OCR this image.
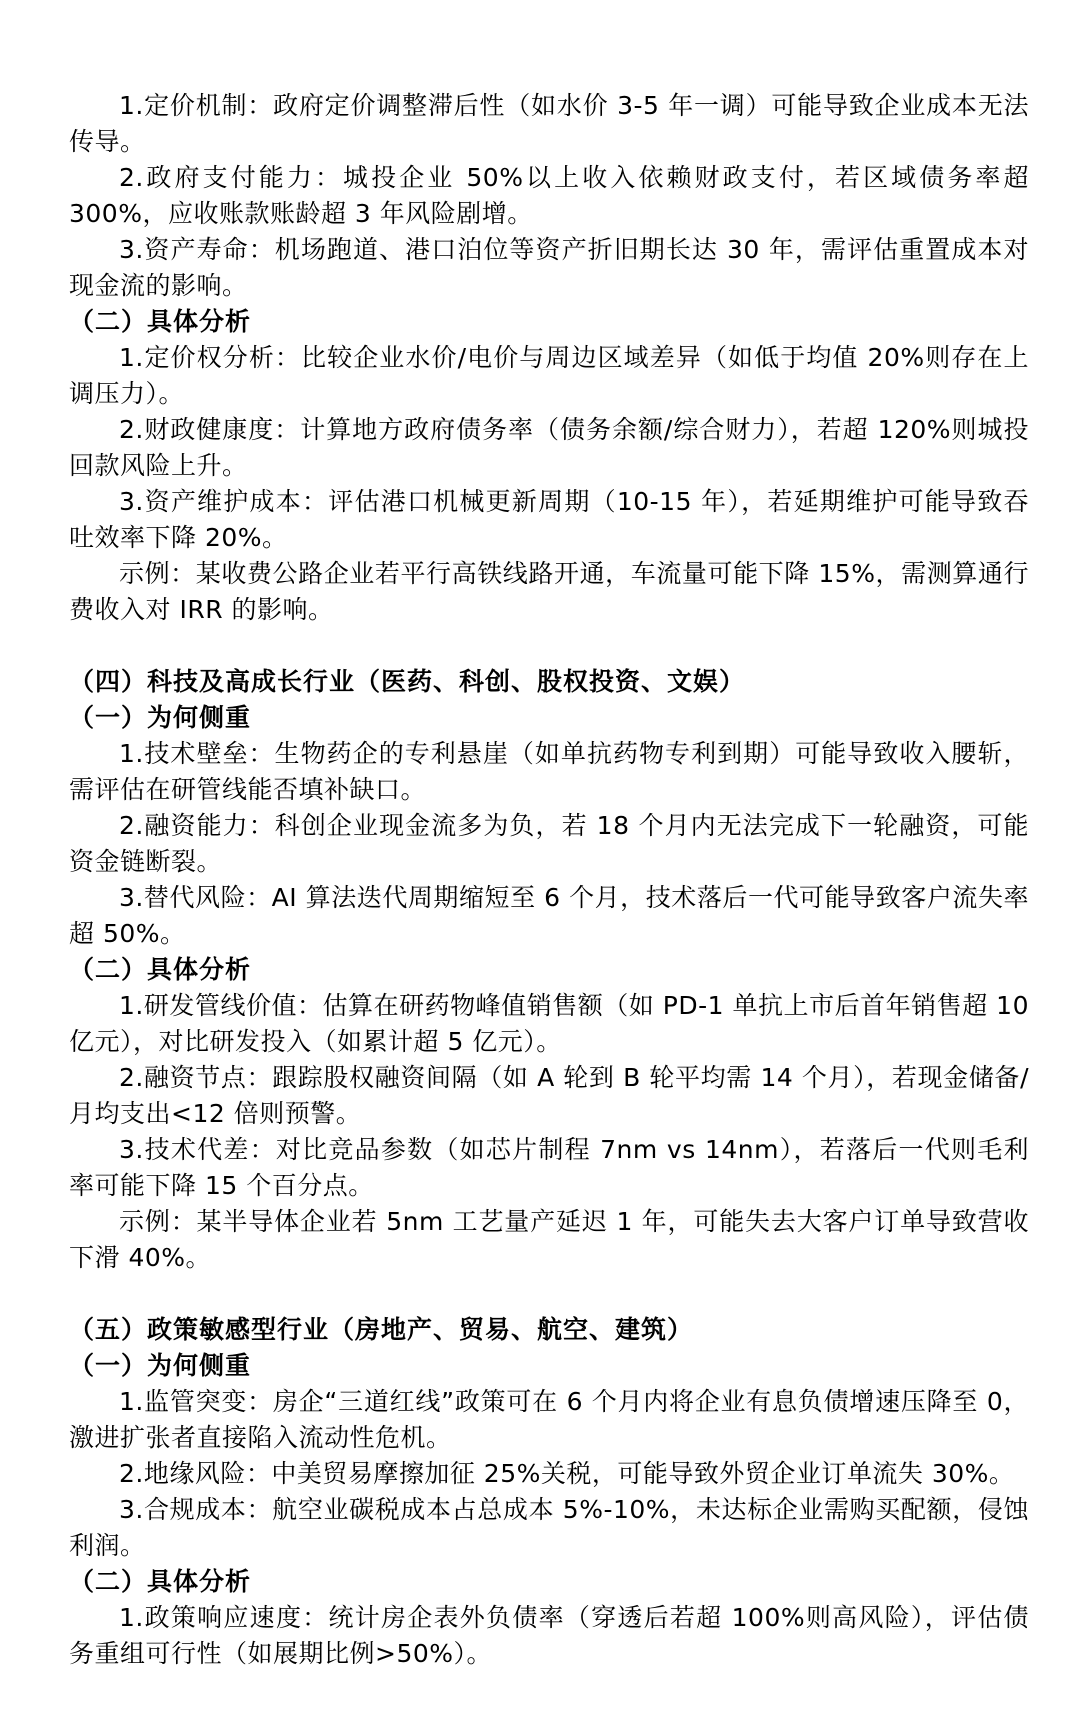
1.定价机制：政府定价调整滞后性（如水价 3-5 年一调）可能导致企业成本无法传导。

2.政府支付能力：城投企业 50%以上收入依赖财政支付，若区域债务率超 300%，应收账款账龄超 3 年风险剧增。

3.资产寿命：机场跑道、港口泊位等资产折旧期长达 30 年，需评估重置成本对现金流的影响。

（二）具体分析

1.定价权分析：比较企业水价/电价与周边区域差异（如低于均值 20%则存在上调压力）。

2.财政健康度：计算地方政府债务率（债务余额/综合财力），若超 120%则城投回款风险上升。

3.资产维护成本：评估港口机械更新周期（10-15 年），若延期维护可能导致吞吐效率下降 20%。

示例：某收费公路企业若平行高铁线路开通，车流量可能下降 15%，需测算通行费收入对 IRR 的影响。

（四）科技及高成长行业（医药、科创、股权投资、文娱）

（一）为何侧重

1.技术壁垒：生物药企的专利悬崖（如单抗药物专利到期）可能导致收入腰斩，需评估在研管线能否填补缺口。

2.融资能力：科创企业现金流多为负，若 18 个月内无法完成下一轮融资，可能资金链断裂。

3.替代风险：AI 算法迭代周期缩短至 6 个月，技术落后一代可能导致客户流失率超 50%。

（二）具体分析

1.研发管线价值：估算在研药物峰值销售额（如 PD-1 单抗上市后首年销售超 10 亿元），对比研发投入（如累计超 5 亿元）。

2.融资节点：跟踪股权融资间隔（如 A 轮到 B 轮平均需 14 个月），若现金储备/月均支出<12 倍则预警。

3.技术代差：对比竞品参数（如芯片制程 7nm vs 14nm），若落后一代则毛利率可能下降 15 个百分点。

示例：某半导体企业若 5nm 工艺量产延迟 1 年，可能失去大客户订单导致营收下滑 40%。

（五）政策敏感型行业（房地产、贸易、航空、建筑）

（一）为何侧重

1.监管突变：房企“三道红线”政策可在 6 个月内将企业有息负债增速压降至 0，激进扩张者直接陷入流动性危机。

2.地缘风险：中美贸易摩擦加征 25%关税，可能导致外贸企业订单流失 30%。

3.合规成本：航空业碳税成本占总成本 5%-10%，未达标企业需购买配额，侵蚀利润。

（二）具体分析

1.政策响应速度：统计房企表外负债率（穿透后若超 100%则高风险），评估债务重组可行性（如展期比例>50%）。
